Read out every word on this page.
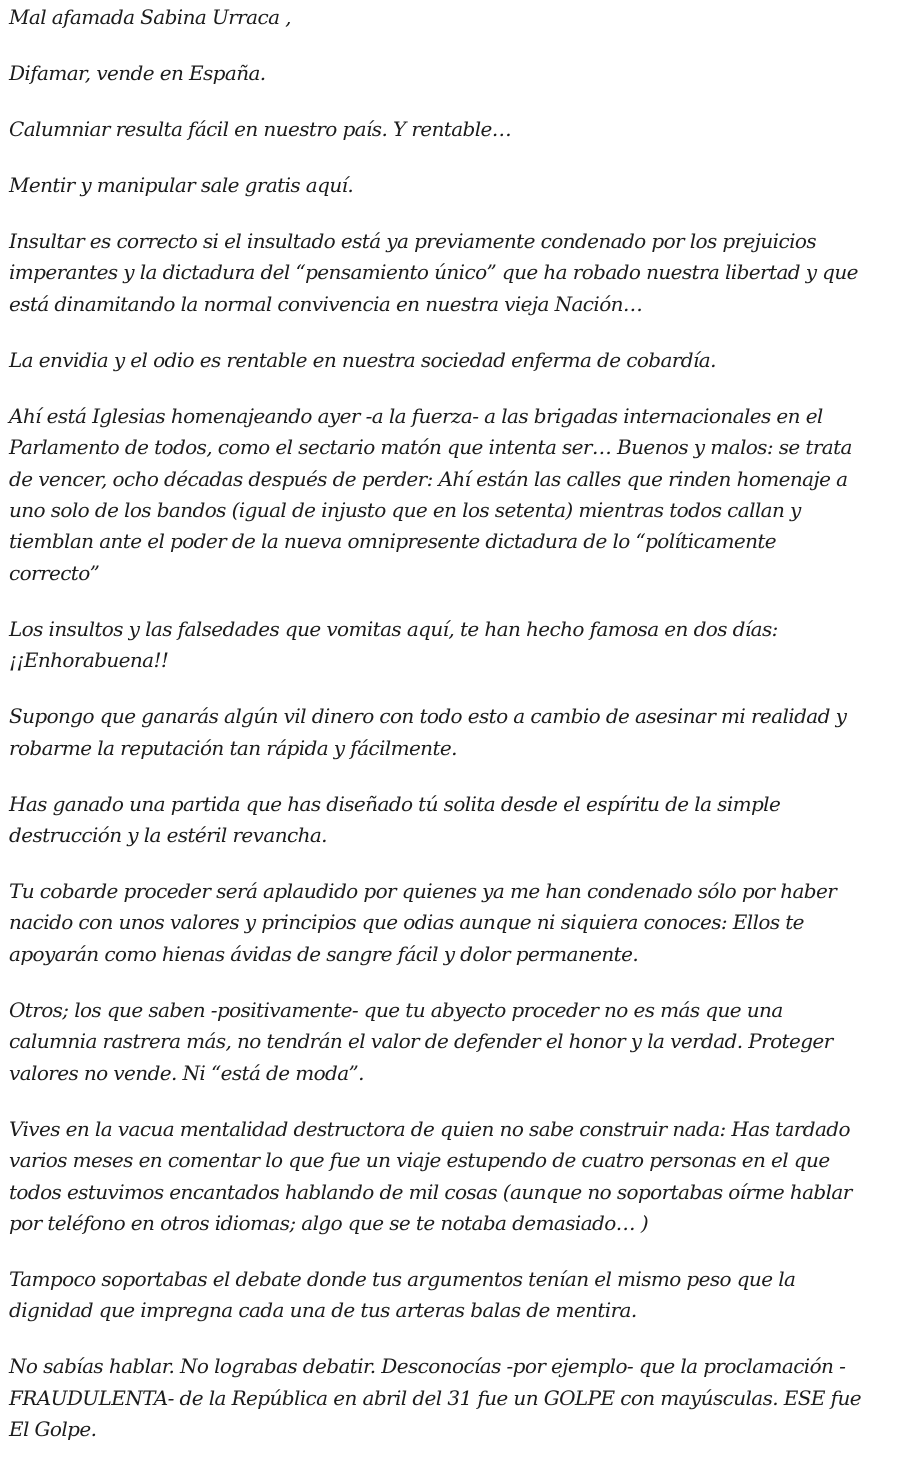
Mal afamada Sabina Urraca ,

Difamar, vende en España.

Calumniar resulta fácil en nuestro país. Y rentable…

Mentir y manipular sale gratis aquí.

Insultar es correcto si el insultado está ya previamente condenado por los prejuicios imperantes y la dictadura del “pensamiento único” que ha robado nuestra libertad y que está dinamitando la normal convivencia en nuestra vieja Nación…

La envidia y el odio es rentable en nuestra sociedad enferma de cobardía.

Ahí está Iglesias homenajeando ayer -a la fuerza- a las brigadas internacionales en el Parlamento de todos, como el sectario matón que intenta ser… Buenos y malos: se trata de vencer, ocho décadas después de perder: Ahí están las calles que rinden homenaje a uno solo de los bandos (igual de injusto que en los setenta) mientras todos callan y tiemblan ante el poder de la nueva omnipresente dictadura de lo “políticamente correcto”

Los insultos y las falsedades que vomitas aquí, te han hecho famosa en dos días: ¡¡Enhorabuena!!

Supongo que ganarás algún vil dinero con todo esto a cambio de asesinar mi realidad y robarme la reputación tan rápida y fácilmente.

Has ganado una partida que has diseñado tú solita desde el espíritu de la simple destrucción y la estéril revancha.

Tu cobarde proceder será aplaudido por quienes ya me han condenado sólo por haber nacido con unos valores y principios que odias aunque ni siquiera conoces: Ellos te apoyarán como hienas ávidas de sangre fácil y dolor permanente.

Otros; los que saben -positivamente- que tu abyecto proceder no es más que una calumnia rastrera más, no tendrán el valor de defender el honor y la verdad. Proteger valores no vende. Ni “está de moda”.

Vives en la vacua mentalidad destructora de quien no sabe construir nada: Has tardado varios meses en comentar lo que fue un viaje estupendo de cuatro personas en el que todos estuvimos encantados hablando de mil cosas (aunque no soportabas oírme hablar por teléfono en otros idiomas; algo que se te notaba demasiado… )

Tampoco soportabas el debate donde tus argumentos tenían el mismo peso que la dignidad que impregna cada una de tus arteras balas de mentira.

No sabías hablar. No lograbas debatir. Desconocías -por ejemplo- que la proclamación -FRAUDULENTA- de la República en abril del 31 fue un GOLPE con mayúsculas. ESE fue El Golpe.
